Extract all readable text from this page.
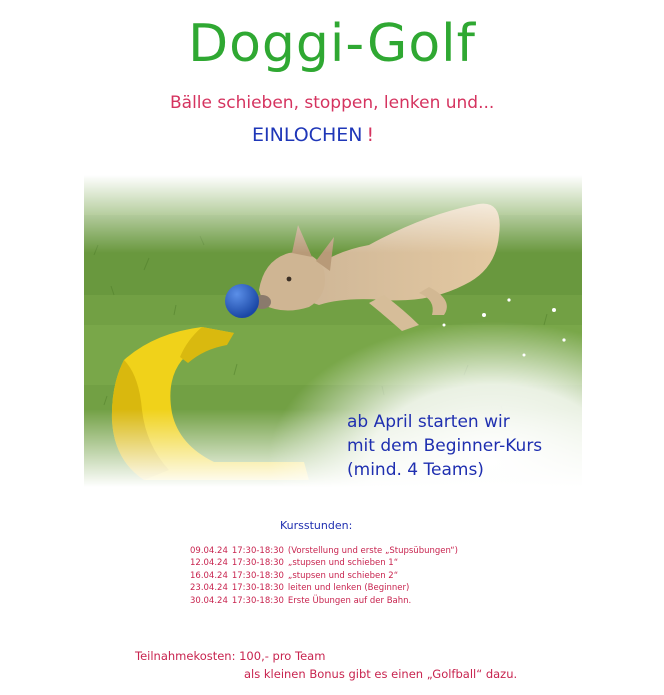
Doggi-Golf
Bälle schieben, stoppen, lenken und...
EINLOCHEN !
ab April starten wir
mit dem Beginner-Kurs
(mind. 4 Teams)
Kursstunden:
09.04.24 17:30-18:30 (Vorstellung und erste „Stupsübungen“)
12.04.24 17:30-18:30 „stupsen und schieben 1“
16.04.24 17:30-18:30 „stupsen und schieben 2“
23.04.24 17:30-18:30 leiten und lenken (Beginner)
30.04.24 17:30-18:30 Erste Übungen auf der Bahn.
Teilnahmekosten: 100,- pro Team
als kleinen Bonus gibt es einen „Golfball“ dazu.
